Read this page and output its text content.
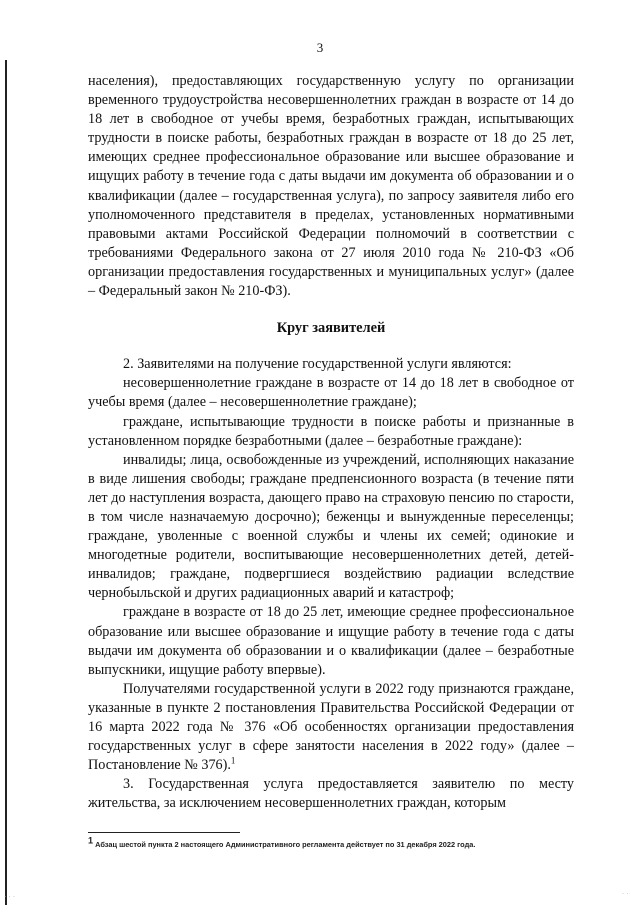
3

населения), предоставляющих государственную услугу по организации временного трудоустройства несовершеннолетних граждан в возрасте от 14 до 18 лет в свободное от учебы время, безработных граждан, испытывающих трудности в поиске работы, безработных граждан в возрасте от 18 до 25 лет, имеющих среднее профессиональное образование или высшее образование и ищущих работу в течение года с даты выдачи им документа об образовании и о квалификации (далее – государственная услуга), по запросу заявителя либо его уполномоченного представителя в пределах, установленных нормативными правовыми актами Российской Федерации полномочий в соответствии с требованиями Федерального закона от 27 июля 2010 года № 210-ФЗ «Об организации предоставления государственных и муниципальных услуг» (далее – Федеральный закон № 210-ФЗ).

Круг заявителей

2. Заявителями на получение государственной услуги являются:

несовершеннолетние граждане в возрасте от 14 до 18 лет в свободное от учебы время (далее – несовершеннолетние граждане);

граждане, испытывающие трудности в поиске работы и признанные в установленном порядке безработными (далее – безработные граждане):

инвалиды; лица, освобожденные из учреждений, исполняющих наказание в виде лишения свободы; граждане предпенсионного возраста (в течение пяти лет до наступления возраста, дающего право на страховую пенсию по старости, в том числе назначаемую досрочно); беженцы и вынужденные переселенцы; граждане, уволенные с военной службы и члены их семей; одинокие и многодетные родители, воспитывающие несовершеннолетних детей, детей-инвалидов; граждане, подвергшиеся воздействию радиации вследствие чернобыльской и других радиационных аварий и катастроф;

граждане в возрасте от 18 до 25 лет, имеющие среднее профессиональное образование или высшее образование и ищущие работу в течение года с даты выдачи им документа об образовании и о квалификации (далее – безработные выпускники, ищущие работу впервые).

Получателями государственной услуги в 2022 году признаются граждане, указанные в пункте 2 постановления Правительства Российской Федерации от 16 марта 2022 года № 376 «Об особенностях организации предоставления государственных услуг в сфере занятости населения в 2022 году» (далее – Постановление № 376).$^1$

3. Государственная услуга предоставляется заявителю по месту жительства, за исключением несовершеннолетних граждан, которым

$^1$ Абзац шестой пункта 2 настоящего Административного регламента действует по 31 декабря 2022 года.
· · ·	· ·
